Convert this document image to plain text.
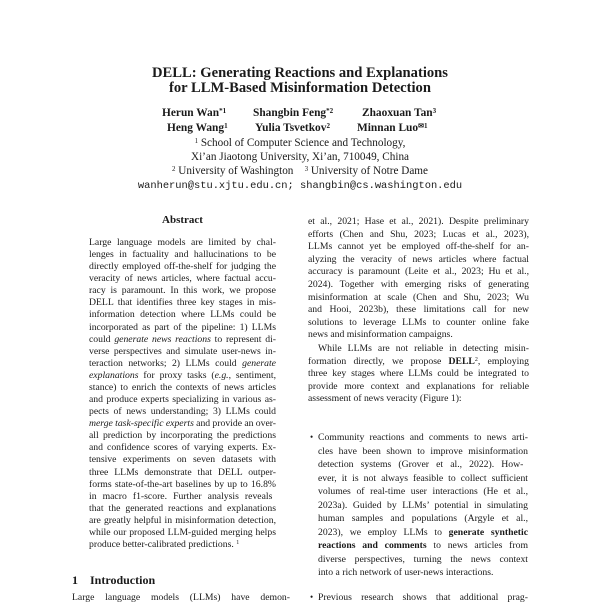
DELL: Generating Reactions and Explanations
for LLM-Based Misinformation Detection
Herun Wan$^{*1}$ Shangbin Feng$^{*2}$	Zhaoxuan Tan$^3$
Heng Wang$^1$ Yulia Tsvetkov$^2$ Minnan Luo$^{✉1}$
$^1$ School of Computer Science and Technology,
Xi’an Jiaotong University, Xi’an, 710049, China
$^2$ University of Washington $^3$ University of Notre Dame
wanherun@stu.xjtu.edu.cn; shangbin@cs.washington.edu
Abstract
Large language models are limited by chal-
lenges in factuality and hallucinations to be
directly employed off-the-shelf for judging the
veracity of news articles, where factual accu-
racy is paramount. In this work, we propose
DELL that identifies three key stages in mis-
information detection where LLMs could be
incorporated as part of the pipeline: 1) LLMs
could generate news reactions to represent di-
verse perspectives and simulate user-news in-
teraction networks; 2) LLMs could generate
explanations for proxy tasks (e.g., sentiment,
stance) to enrich the contexts of news articles
and produce experts specializing in various as-
pects of news understanding; 3) LLMs could
merge task-specific experts and provide an over-
all prediction by incorporating the predictions
and confidence scores of varying experts. Ex-
tensive experiments on seven datasets with
three LLMs demonstrate that DELL outper-
forms state-of-the-art baselines by up to 16.8%
in macro f1-score. Further analysis reveals
that the generated reactions and explanations
are greatly helpful in misinformation detection,
while our proposed LLM-guided merging helps
produce better-calibrated predictions. $^1$
1 Introduction
Large language models (LLMs) have demon-
et al., 2021; Hase et al., 2021). Despite preliminary
efforts (Chen and Shu, 2023; Lucas et al., 2023),
LLMs cannot yet be employed off-the-shelf for an-
alyzing the veracity of news articles where factual
accuracy is paramount (Leite et al., 2023; Hu et al.,
2024). Together with emerging risks of generating
misinformation at scale (Chen and Shu, 2023; Wu
and Hooi, 2023b), these limitations call for new
solutions to leverage LLMs to counter online fake
news and misinformation campaigns.
While LLMs are not reliable in detecting misin-
formation directly, we propose DELL$^2$, employing
three key stages where LLMs could be integrated to
provide more context and explanations for reliable
assessment of news veracity (Figure 1):
• Community reactions and comments to news arti-
cles have been shown to improve misinformation
detection systems (Grover et al., 2022). How-
ever, it is not always feasible to collect sufficient
volumes of real-time user interactions (He et al.,
2023a). Guided by LLMs’ potential in simulating
human samples and populations (Argyle et al.,
2023), we employ LLMs to generate synthetic
reactions and comments to news articles from
diverse perspectives, turning the news context
into a rich network of user-news interactions.
• Previous research shows that additional prag-
